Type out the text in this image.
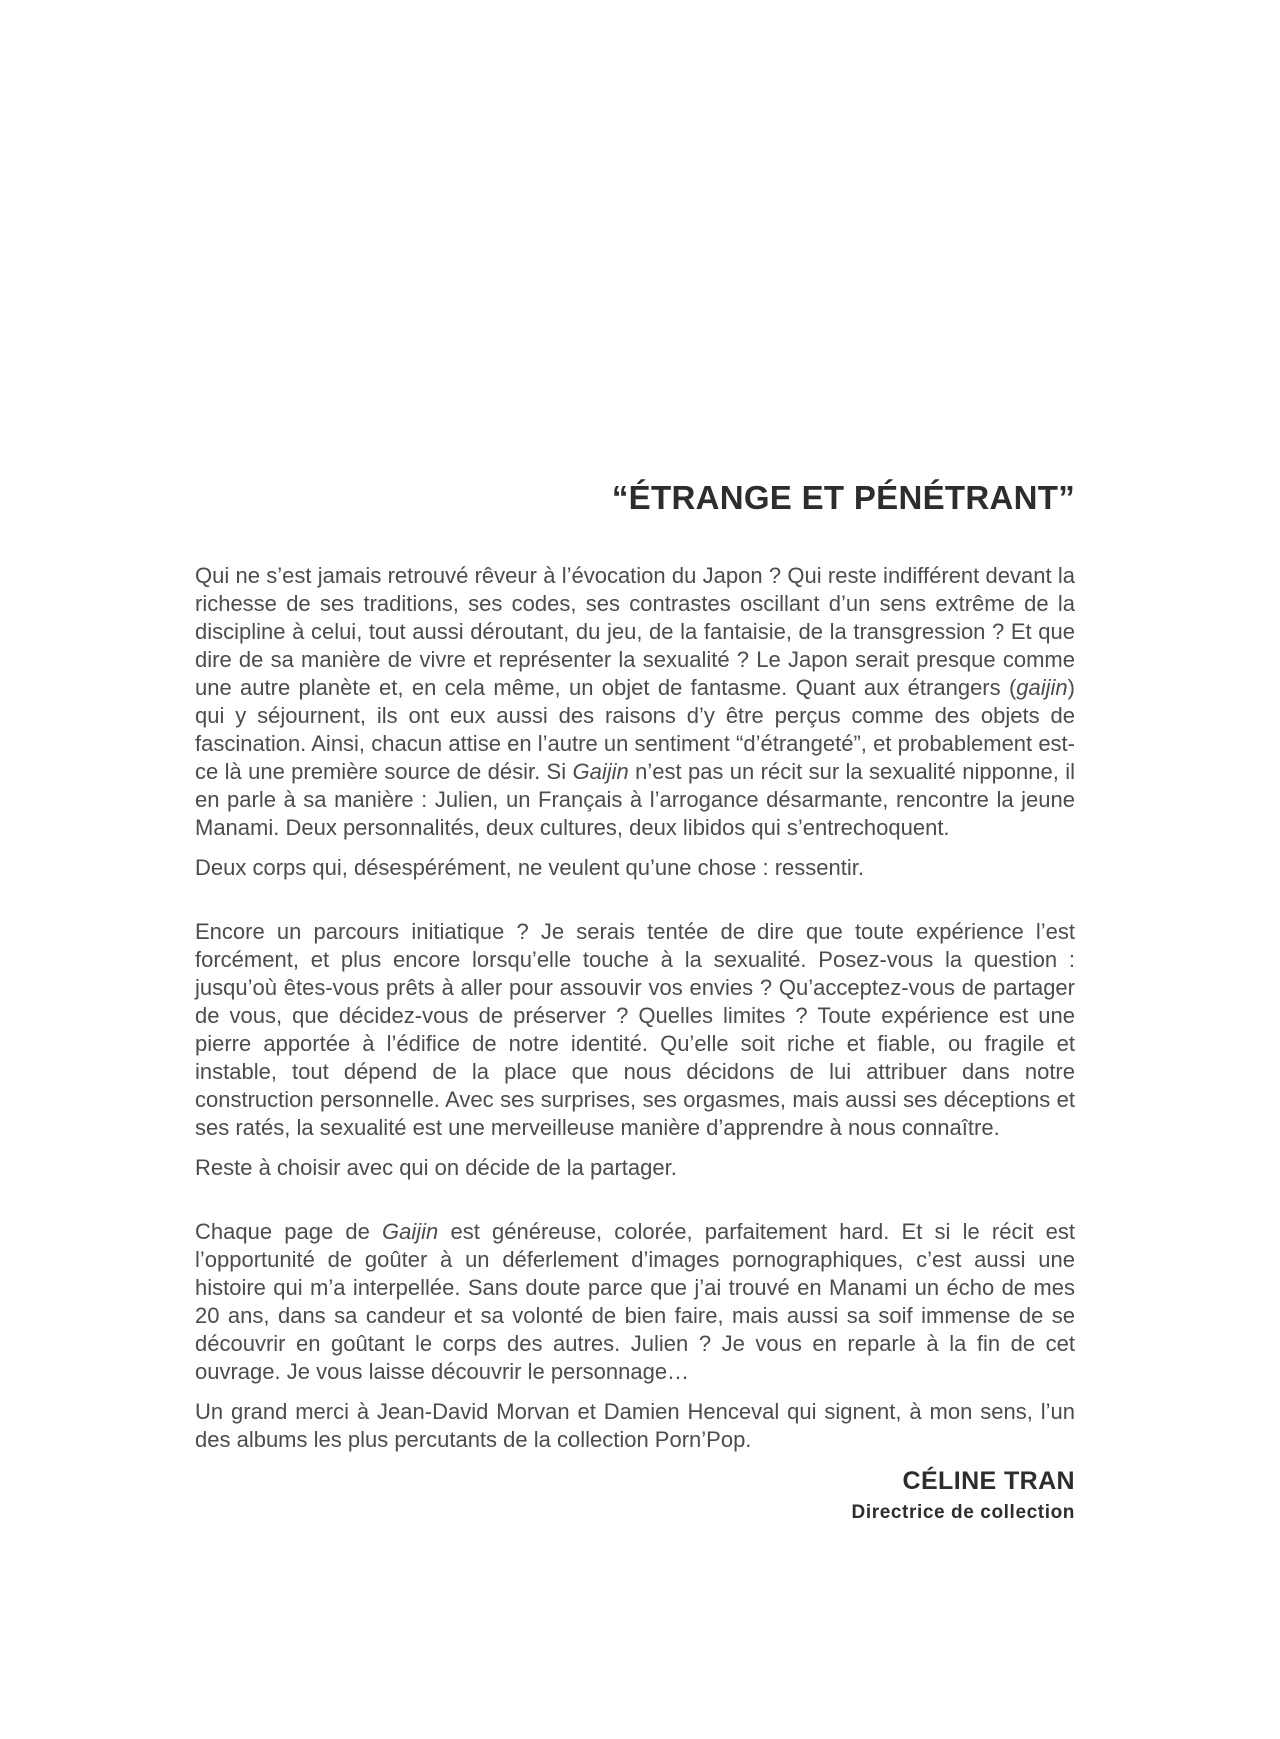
“ÉTRANGE ET PÉNÉTRANT”

Qui ne s’est jamais retrouvé rêveur à l’évocation du Japon ? Qui reste indifférent devant la richesse de ses traditions, ses codes, ses contrastes oscillant d’un sens extrême de la discipline à celui, tout aussi déroutant, du jeu, de la fantaisie, de la transgression ? Et que dire de sa manière de vivre et représenter la sexualité ? Le Japon serait presque comme une autre planète et, en cela même, un objet de fantasme. Quant aux étrangers (gaijin) qui y séjournent, ils ont eux aussi des raisons d’y être perçus comme des objets de fascination. Ainsi, chacun attise en l’autre un sentiment “d’étrangeté”, et probablement est-ce là une première source de désir. Si Gaijin n’est pas un récit sur la sexualité nipponne, il en parle à sa manière : Julien, un Français à l’arrogance désarmante, rencontre la jeune Manami. Deux personnalités, deux cultures, deux libidos qui s’entrechoquent.

Deux corps qui, désespérément, ne veulent qu’une chose : ressentir.

Encore un parcours initiatique ? Je serais tentée de dire que toute expérience l’est forcément, et plus encore lorsqu’elle touche à la sexualité. Posez-vous la question : jusqu’où êtes-vous prêts à aller pour assouvir vos envies ? Qu’acceptez-vous de partager de vous, que décidez-vous de préserver ? Quelles limites ? Toute expérience est une pierre apportée à l’édifice de notre identité. Qu’elle soit riche et fiable, ou fragile et instable, tout dépend de la place que nous décidons de lui attribuer dans notre construction personnelle. Avec ses surprises, ses orgasmes, mais aussi ses déceptions et ses ratés, la sexualité est une merveilleuse manière d’apprendre à nous connaître.

Reste à choisir avec qui on décide de la partager.

Chaque page de Gaijin est généreuse, colorée, parfaitement hard. Et si le récit est l’opportunité de goûter à un déferlement d’images pornographiques, c’est aussi une histoire qui m’a interpellée. Sans doute parce que j’ai trouvé en Manami un écho de mes 20 ans, dans sa candeur et sa volonté de bien faire, mais aussi sa soif immense de se découvrir en goûtant le corps des autres. Julien ? Je vous en reparle à la fin de cet ouvrage. Je vous laisse découvrir le personnage…

Un grand merci à Jean-David Morvan et Damien Henceval qui signent, à mon sens, l’un des albums les plus percutants de la collection Porn’Pop.

CÉLINE TRAN
Directrice de collection
